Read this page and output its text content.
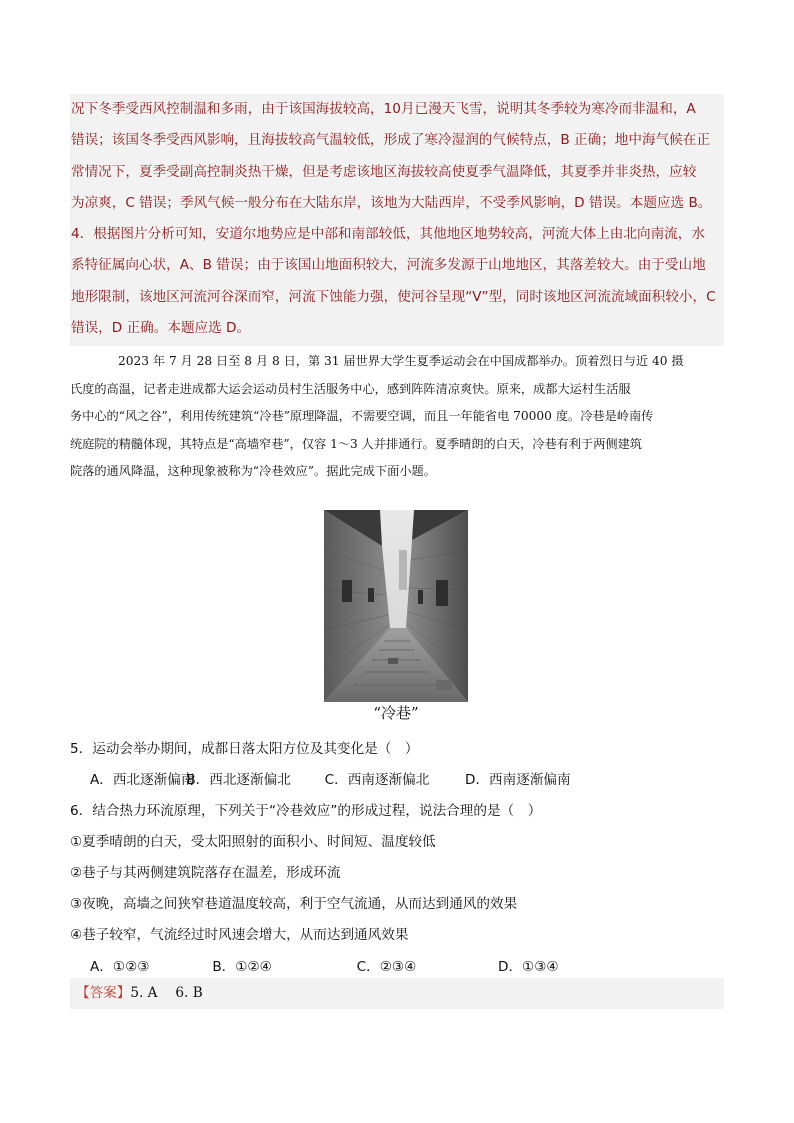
况下冬季受西风控制温和多雨，由于该国海拔较高，10月已漫天飞雪，说明其冬季较为寒冷而非温和，A
错误；该国冬季受西风影响，且海拔较高气温较低，形成了寒冷湿润的气候特点，B 正确；地中海气候在正
常情况下，夏季受副高控制炎热干燥，但是考虑该地区海拔较高使夏季气温降低，其夏季并非炎热，应较
为凉爽，C 错误；季风气候一般分布在大陆东岸，该地为大陆西岸，不受季风影响，D 错误。本题应选 B。
4．根据图片分析可知，安道尔地势应是中部和南部较低，其他地区地势较高，河流大体上由北向南流，水
系特征属向心状，A、B 错误；由于该国山地面积较大，河流多发源于山地地区，其落差较大。由于受山地
地形限制，该地区河流河谷深而窄，河流下蚀能力强，使河谷呈现“V”型，同时该地区河流流域面积较小，C
错误，D 正确。本题应选 D。
2023 年 7 月 28 日至 8 月 8 日，第 31 届世界大学生夏季运动会在中国成都举办。顶着烈日与近 40 摄
氏度的高温，记者走进成都大运会运动员村生活服务中心，感到阵阵清凉爽快。原来，成都大运村生活服
务中心的“风之谷”，利用传统建筑“冷巷”原理降温，不需要空调，而且一年能省电 70000 度。冷巷是岭南传
统庭院的精髓体现，其特点是“高墙窄巷”，仅容 1～3 人并排通行。夏季晴朗的白天，冷巷有利于两侧建筑
院落的通风降温，这种现象被称为“冷巷效应”。据此完成下面小题。
“冷巷”
5．运动会举办期间，成都日落太阳方位及其变化是（　）
A．西北逐渐偏南 B．西北逐渐偏北 C．西南逐渐偏北	D．西南逐渐偏南
6．结合热力环流原理，下列关于“冷巷效应”的形成过程，说法合理的是（　）
①夏季晴朗的白天，受太阳照射的面积小、时间短、温度较低
②巷子与其两侧建筑院落存在温差，形成环流
③夜晚，高墙之间狭窄巷道温度较高，利于空气流通，从而达到通风的效果
④巷子较窄，气流经过时风速会增大，从而达到通风效果
A．①②③	B．①②④	C．②③④	D．①③④
【答案】5. A　 6. B
